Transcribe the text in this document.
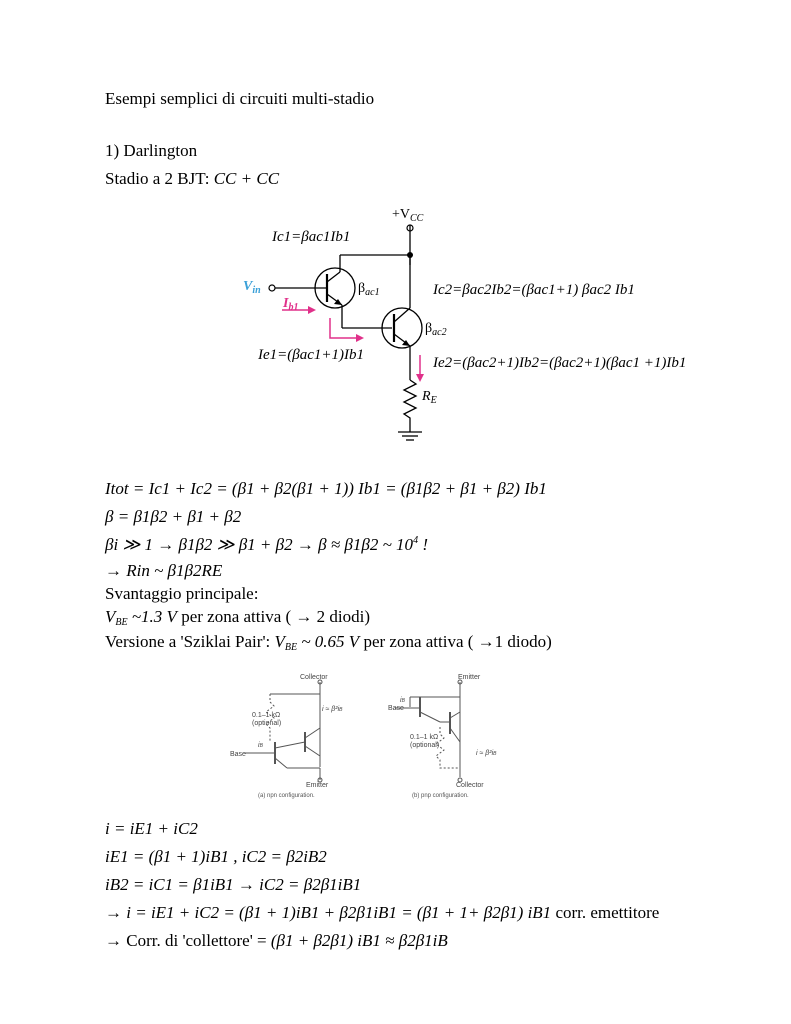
Esempi semplici di circuiti multi-stadio
1) Darlington
Stadio a 2 BJT: CC + CC
$+V_{CC}$
$V_{in}$
$I_{b1}$
$\beta_{ac1}$
$\beta_{ac2}$
$R_E$
Ic1=βac1Ib1
Ic2=βac2Ib2=(βac1+1) βac2 Ib1
Ie1=(βac1+1)Ib1	Ie2=(βac2+1)Ib2=(βac2+1)(βac1 +1)Ib1
Itot = Ic1 + Ic2 = (β1 + β2(β1 + 1)) Ib1 = (β1β2 + β1 + β2) Ib1
β = β1β2 + β1 + β2
βi ≫ 1 → β1β2 ≫ β1 + β2 → β ≈ β1β2 ~ $10^4$ !
→ Rin ~ β1β2RE
Svantaggio principale:
$V_{BE}$ ~1.3 V per zona attiva ( → 2 diodi)
Versione a 'Sziklai Pair': $V_{BE}$ ~ 0.65 V per zona attiva ( →1 diodo)
Collector
0.1–1 kΩ
(optional)
i ≈ β²iB
iB
Base
Emitter
(a) npn configuration.
Emitter
iB
Base
0.1–1 kΩ
(optional)
i ≈ β²iB
Collector
(b) pnp configuration.
i = iE1 + iC2
iE1 = (β1 + 1)iB1 , iC2 = β2iB2
iB2 = iC1 = β1iB1 → iC2 = β2β1iB1
→ i = iE1 + iC2 = (β1 + 1)iB1 + β2β1iB1 = (β1 + 1+ β2β1) iB1 corr. emettitore
→ Corr. di 'collettore' = (β1 + β2β1) iB1 ≈ β2β1iB
